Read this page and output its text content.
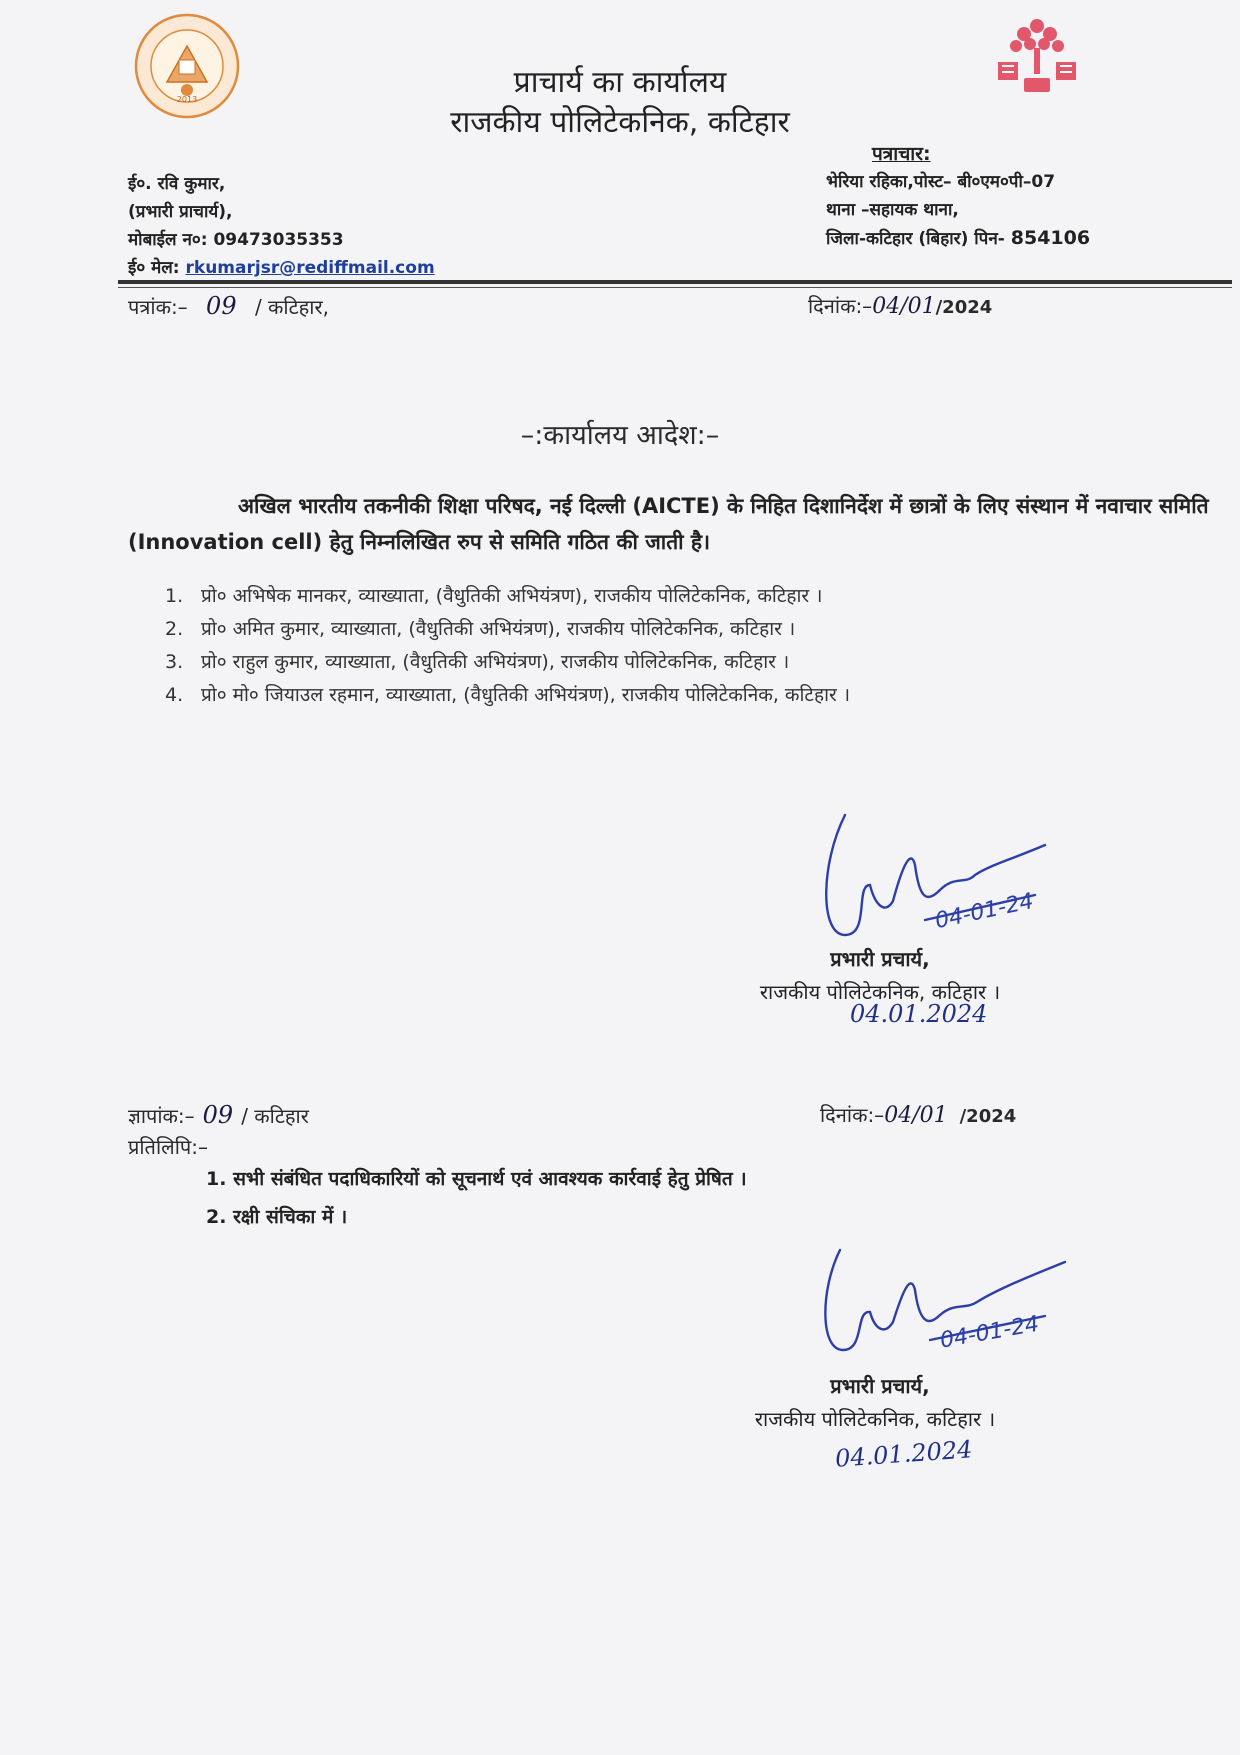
2013	प्राचार्य का कार्यालय
राजकीय पोलिटेकनिक, कटिहार
ई०. रवि कुमार,
(प्रभारी प्राचार्य),
मोबाईल न०: 09473035353
ई० मेल: rkumarjsr@rediffmail.com
पत्राचार:
भेरिया रहिका,पोस्ट– बी०एम०पी–07
थाना –सहायक थाना,
जिला-कटिहार (बिहार) पिन- 854106
पत्रांक:– 09 / कटिहार,	दिनांक:–04/01/2024
–:कार्यालय आदेश:–
अखिल भारतीय तकनीकी शिक्षा परिषद, नई दिल्ली (AICTE) के निहित दिशानिर्देश में छात्रों के लिए संस्थान में नवाचार समिति (Innovation cell) हेतु निम्नलिखित रुप से समिति गठित की जाती है।
1. प्रो० अभिषेक मानकर, व्याख्याता, (वैधुतिकी अभियंत्रण), राजकीय पोलिटेकनिक, कटिहार ।
2. प्रो० अमित कुमार, व्याख्याता, (वैधुतिकी अभियंत्रण), राजकीय पोलिटेकनिक, कटिहार ।
3. प्रो० राहुल कुमार, व्याख्याता, (वैधुतिकी अभियंत्रण), राजकीय पोलिटेकनिक, कटिहार ।
4. प्रो० मो० जियाउल रहमान, व्याख्याता, (वैधुतिकी अभियंत्रण), राजकीय पोलिटेकनिक, कटिहार ।
04-01-24
प्रभारी प्रचार्य,
राजकीय पोलिटेकनिक, कटिहार ।
04.01.2024
ज्ञापांक:– 09 / कटिहार	दिनांक:–04/01 /2024
प्रतिलिपि:–
1. सभी संबंधित पदाधिकारियों को सूचनार्थ एवं आवश्यक कार्रवाई हेतु प्रेषित ।
2. रक्षी संचिका में ।
04-01-24
प्रभारी प्रचार्य,
राजकीय पोलिटेकनिक, कटिहार ।
04.01.2024
